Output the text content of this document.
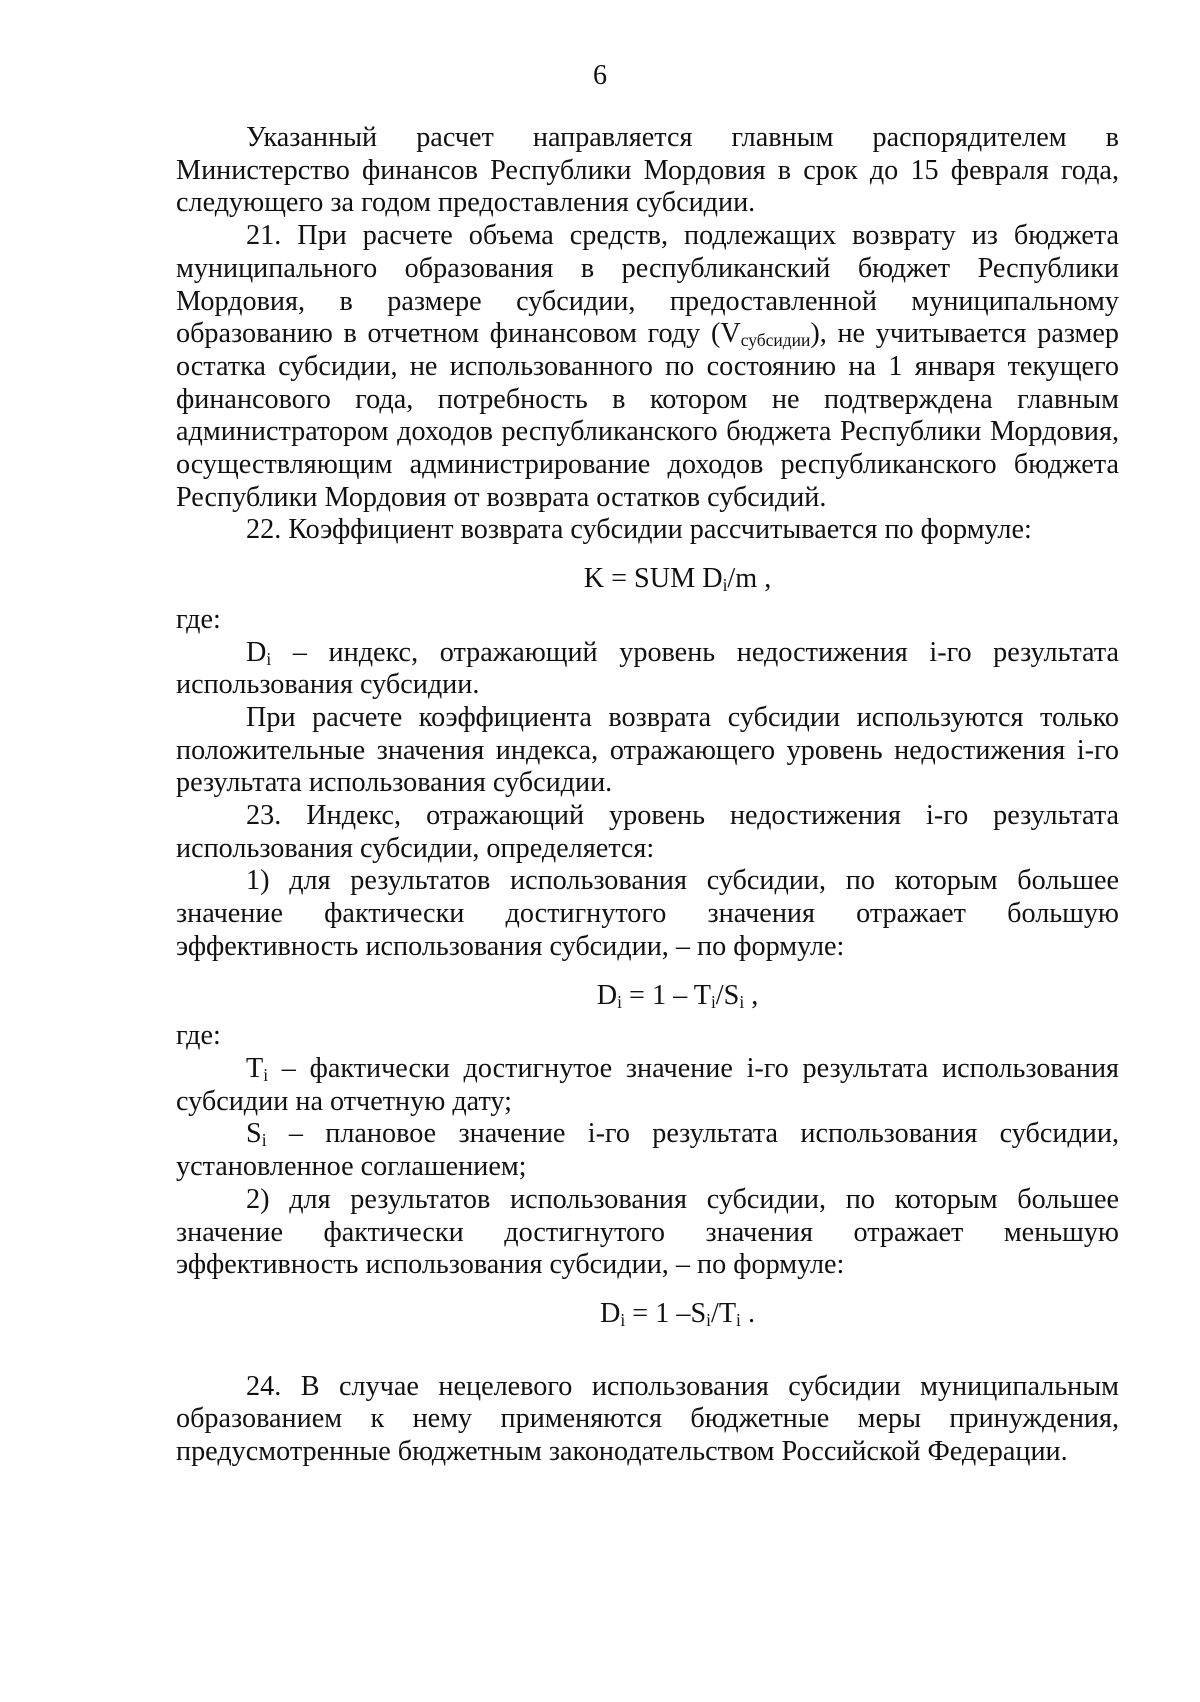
6

Указанный расчет направляется главным распорядителем в Министерство финансов Республики Мордовия в срок до 15 февраля года, следующего за годом предоставления субсидии.

21. При расчете объема средств, подлежащих возврату из бюджета муниципального образования в республиканский бюджет Республики Мордовия, в размере субсидии, предоставленной муниципальному образованию в отчетном финансовом году $(V_{субсидии})$, не учитывается размер остатка субсидии, не использованного по состоянию на 1 января текущего финансового года, потребность в котором не подтверждена главным администратором доходов республиканского бюджета Республики Мордовия, осуществляющим администрирование доходов республиканского бюджета Республики Мордовия от возврата остатков субсидий.

22. Коэффициент возврата субсидии рассчитывается по формуле:

K = SUM $D_i/m$ ,

где:

$D_i$ – индекс, отражающий уровень недостижения i-го результата использования субсидии.

При расчете коэффициента возврата субсидии используются только положительные значения индекса, отражающего уровень недостижения i-го результата использования субсидии.

23. Индекс, отражающий уровень недостижения i-го результата использования субсидии, определяется:

1) для результатов использования субсидии, по которым большее значение фактически достигнутого значения отражает большую эффективность использования субсидии, – по формуле:

$D_i = 1 - T_i/S_i$ ,

где:

$T_i$ – фактически достигнутое значение i-го результата использования субсидии на отчетную дату;

$S_i$ – плановое значение i-го результата использования субсидии, установленное соглашением;

2) для результатов использования субсидии, по которым большее значение фактически достигнутого значения отражает меньшую эффективность использования субсидии, – по формуле:

$D_i = 1$ $-S_i/T_i$ .

24. В случае нецелевого использования субсидии муниципальным образованием к нему применяются бюджетные меры принуждения, предусмотренные бюджетным законодательством Российской Федерации.
